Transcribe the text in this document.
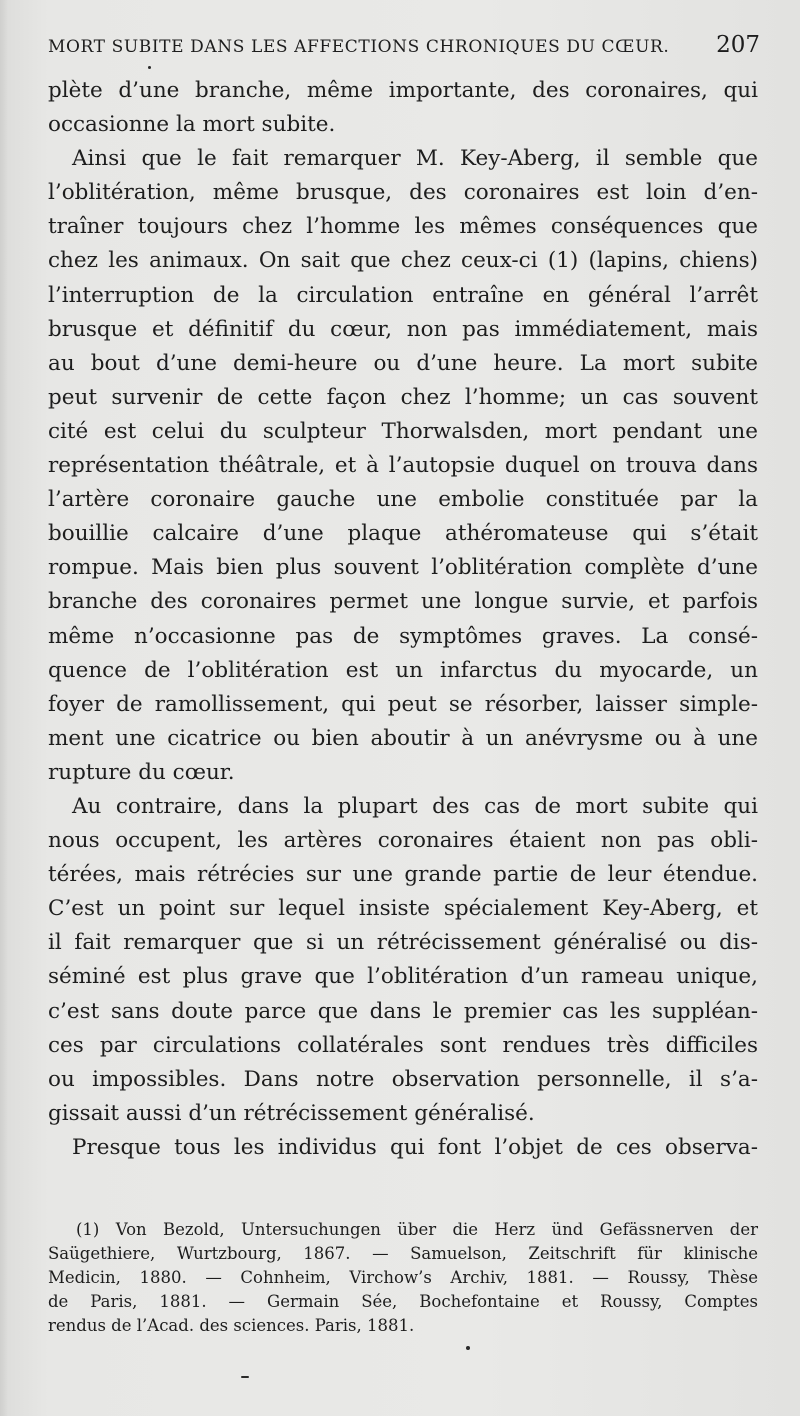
MORT SUBITE DANS LES AFFECTIONS CHRONIQUES DU CŒUR. 207
plète d’une branche, même importante, des coronaires, qui
occasionne la mort subite.
Ainsi que le fait remarquer M. Key-Aberg, il semble que
l’oblitération, même brusque, des coronaires est loin d’en-
traîner toujours chez l’homme les mêmes conséquences que
chez les animaux. On sait que chez ceux-ci (1) (lapins, chiens)
l’interruption de la circulation entraîne en général l’arrêt
brusque et définitif du cœur, non pas immédiatement, mais
au bout d’une demi-heure ou d’une heure. La mort subite
peut survenir de cette façon chez l’homme; un cas souvent
cité est celui du sculpteur Thorwalsden, mort pendant une
représentation théâtrale, et à l’autopsie duquel on trouva dans
l’artère coronaire gauche une embolie constituée par la
bouillie calcaire d’une plaque athéromateuse qui s’était
rompue. Mais bien plus souvent l’oblitération complète d’une
branche des coronaires permet une longue survie, et parfois
même n’occasionne pas de symptômes graves. La consé-
quence de l’oblitération est un infarctus du myocarde, un
foyer de ramollissement, qui peut se résorber, laisser simple-
ment une cicatrice ou bien aboutir à un anévrysme ou à une
rupture du cœur.
Au contraire, dans la plupart des cas de mort subite qui
nous occupent, les artères coronaires étaient non pas obli-
térées, mais rétrécies sur une grande partie de leur étendue.
C’est un point sur lequel insiste spécialement Key-Aberg, et
il fait remarquer que si un rétrécissement généralisé ou dis-
séminé est plus grave que l’oblitération d’un rameau unique,
c’est sans doute parce que dans le premier cas les suppléan-
ces par circulations collatérales sont rendues très difficiles
ou impossibles. Dans notre observation personnelle, il s’a-
gissait aussi d’un rétrécissement généralisé.
Presque tous les individus qui font l’objet de ces observa-
(1) Von Bezold, Untersuchungen über die Herz ünd Gefässnerven der
Saügethiere, Wurtzbourg, 1867. — Samuelson, Zeitschrift für klinische
Medicin, 1880. — Cohnheim, Virchow’s Archiv, 1881. — Roussy, Thèse
de Paris, 1881. — Germain Sée, Bochefontaine et Roussy, Comptes
rendus de l’Acad. des sciences. Paris, 1881.
